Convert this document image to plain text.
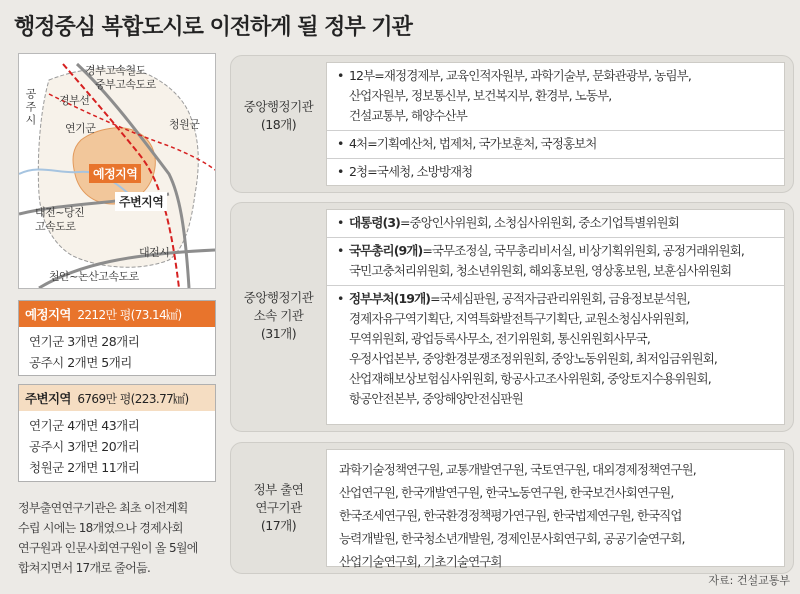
행정중심 복합도시로 이전하게 될 정부 기관
경부고속철도
중부고속도로
경부선
공주시
연기군	청원군
예정지역
주변지역
대전~당진
고속도로
대전시
천안~논산고속도로
예정지역 2212만 평(73.14㎢)
연기군 3개면 28개리
공주시 2개면 5개리
주변지역 6769만 평(223.77㎢)
연기군 4개면 43개리
공주시 3개면 20개리
청원군 2개면 11개리
정부출연연구기관은 최초 이전계획
수립 시에는 18개였으나 경제사회
연구원과 인문사회연구원이 올 5월에
합쳐지면서 17개로 줄어듦.
중앙행정기관
(18개)
• 12부=재정경제부, 교육인적자원부, 과학기술부, 문화관광부, 농림부,
산업자원부, 정보통신부, 보건복지부, 환경부, 노동부,
건설교통부, 해양수산부
• 4처=기획예산처, 법제처, 국가보훈처, 국정홍보처
• 2청=국세청, 소방방재청
중앙행정기관
소속 기관
(31개)
• 대통령(3)=중앙인사위원회, 소청심사위원회, 중소기업특별위원회
• 국무총리(9개)=국무조정실, 국무총리비서실, 비상기획위원회, 공정거래위원회,
국민고충처리위원회, 청소년위원회, 해외홍보원, 영상홍보원, 보훈심사위원회
• 정부부처(19개)=국세심판원, 공적자금관리위원회, 금융정보분석원,
경제자유구역기획단, 지역특화발전특구기획단, 교원소청심사위원회,
무역위원회, 광업등록사무소, 전기위원회, 통신위원회사무국,
우정사업본부, 중앙환경분쟁조정위원회, 중앙노동위원회, 최저임금위원회,
산업재해보상보험심사위원회, 항공사고조사위원회, 중앙토지수용위원회,
항공안전본부, 중앙해양안전심판원
정부 출연
연구기관
(17개)
과학기술정책연구원, 교통개발연구원, 국토연구원, 대외경제정책연구원,
산업연구원, 한국개발연구원, 한국노동연구원, 한국보건사회연구원,
한국조세연구원, 한국환경정책평가연구원, 한국법제연구원, 한국직업
능력개발원, 한국청소년개발원, 경제인문사회연구회, 공공기술연구회,
산업기술연구회, 기초기술연구회
자료: 건설교통부
